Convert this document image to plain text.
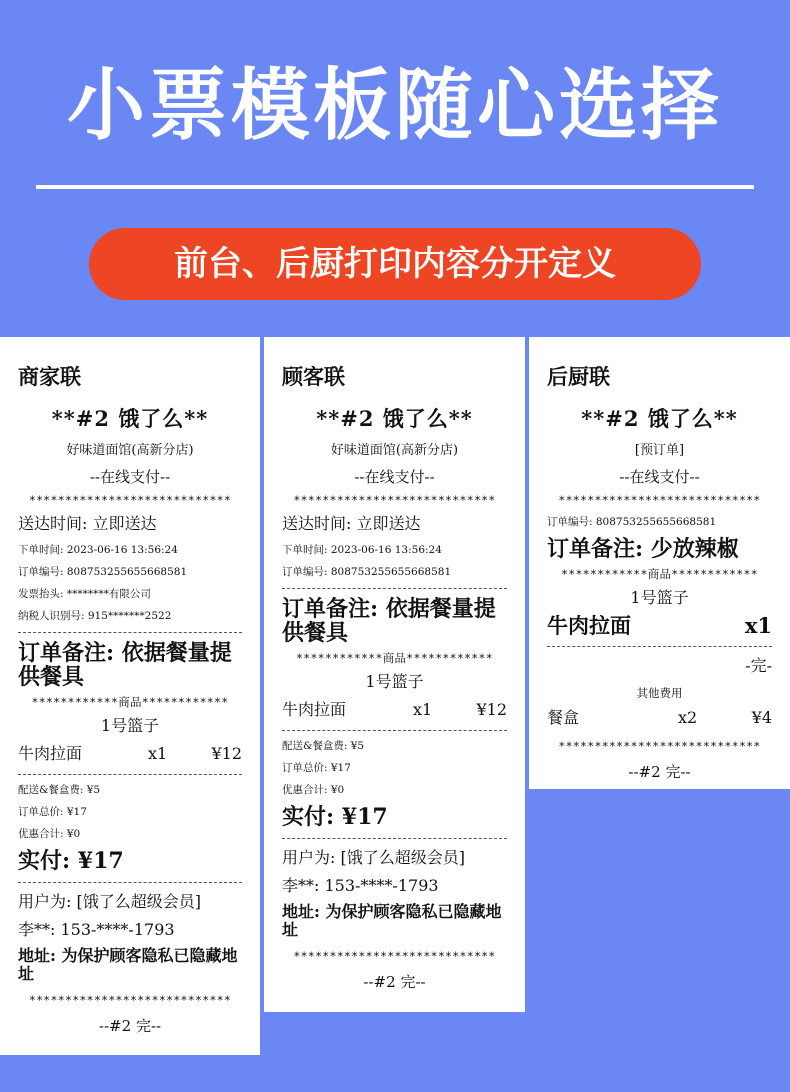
小票模板随心选择
前台、后厨打印内容分开定义
商家联
**#2 饿了么**
好味道面馆(高新分店)
--在线支付--
****************************
送达时间: 立即送达
下单时间: 2023-06-16 13:56:24
订单编号: 808753255655668581
发票抬头: ********有限公司
纳税人识别号: 915*******2522
订单备注: 依据餐量提供餐具
************商品************
1号篮子
牛肉拉面	x1	¥12
配送&餐盒费: ¥5
订单总价: ¥17
优惠合计: ¥0
实付: ¥17
用户为: [饿了么超级会员]
李**: 153-****-1793
地址: 为保护顾客隐私已隐藏地址
****************************
--#2 完--
顾客联
**#2 饿了么**
好味道面馆(高新分店)
--在线支付--
****************************
送达时间: 立即送达
下单时间: 2023-06-16 13:56:24
订单编号: 808753255655668581
订单备注: 依据餐量提供餐具
************商品************
1号篮子
牛肉拉面	x1	¥12
配送&餐盒费: ¥5
订单总价: ¥17
优惠合计: ¥0
实付: ¥17
用户为: [饿了么超级会员]
李**: 153-****-1793
地址: 为保护顾客隐私已隐藏地址
****************************
--#2 完--
后厨联
**#2 饿了么**
[预订单]
--在线支付--
****************************
订单编号: 808753255655668581
订单备注: 少放辣椒
************商品************
1号篮子
牛肉拉面	x1
-完-
其他费用
餐盒	x2	¥4
****************************
--#2 完--
